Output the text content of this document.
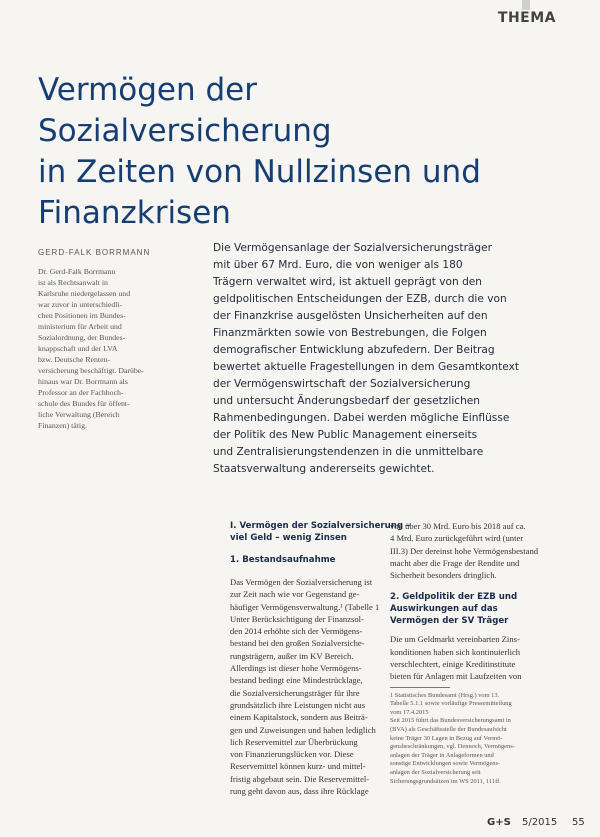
THEMA
Vermögen der Sozialversicherung
in Zeiten von Nullzinsen und
Finanzkrisen
GERD-FALK BORRMANN
Dr. Gerd-Falk Borrmann
ist als Rechtsanwalt in
Karlsruhe niedergelassen und
war zuvor in unterschiedli-
chen Positionen im Bundes-
ministerium für Arbeit und
Sozialordnung, der Bundes-
knappschaft und der LVA
bzw. Deutsche Renten-
versicherung beschäftigt. Darübe-
hinaus war Dr. Borrmann als
Professor an der Fachhoch-
schule des Bundes für öffent-
liche Verwaltung (Bereich
Finanzen) tätig.
Die Vermögensanlage der Sozialversicherungsträger
mit über 67 Mrd. Euro, die von weniger als 180
Trägern verwaltet wird, ist aktuell geprägt von den
geldpolitischen Entscheidungen der EZB, durch die von
der Finanzkrise ausgelösten Unsicherheiten auf den
Finanzmärkten sowie von Bestrebungen, die Folgen
demografischer Entwicklung abzufedern. Der Beitrag
bewertet aktuelle Fragestellungen in dem Gesamtkontext
der Vermögenswirtschaft der Sozialversicherung
und untersucht Änderungsbedarf der gesetzlichen
Rahmenbedingungen. Dabei werden mögliche Einflüsse
der Politik des New Public Management einerseits
und Zentralisierungstendenzen in die unmittelbare
Staatsverwaltung andererseits gewichtet.
I. Vermögen der Sozialversicherung –
viel Geld – wenig Zinsen
1. Bestandsaufnahme
Das Vermögen der Sozialversicherung ist
zur Zeit nach wie vor Gegenstand ge-
häufiger Vermögensverwaltung.¹ (Tabelle 1
Unter Berücksichtigung der Finanzsol-
den 2014 erhöhte sich der Vermögens-
bestand bei den großen Sozialversiche-
rungsträgern, außer im KV Bereich.
Allerdings ist dieser hohe Vermögens-
bestand bedingt eine Mindestrücklage,
die Sozialversicherungsträger für ihre
grundsätzlich ihre Leistungen nicht aus
einem Kapitalstock, sondern aus Beiträ-
gen und Zuweisungen und haben lediglich
lich Reservemittel zur Überbrückung
von Finanzierungslücken vor. Diese
Reservemittel können kurz- und mittel-
fristig abgebaut sein. Die Reservemittel-
rung geht davon aus, dass ihre Rücklage
von über 30 Mrd. Euro bis 2018 auf ca.
4 Mrd. Euro zurückgeführt wird (unter
III.3) Der dereinst hohe Vermögensbestand
macht aber die Frage der Rendite und
Sicherheit besonders dringlich.
2. Geldpolitik der EZB und
Auswirkungen auf das
Vermögen der SV Träger
Die um Geldmarkt vereinbarten Zins-
konditionen haben sich kontinuierlich
verschlechtert, einige Kreditinstitute
bieten für Anlagen mit Laufzeiten von
1 Statistisches Bundesamt (Hrsg.) vom 13.
Tabelle 5.1.1 sowie vorläufige Pressemitteilung
vom 17.4.2015
Seit 2015 führt das Bundesversicherungsamt in
(BVA) als Geschäftsstelle der Bundesaufsicht
keine Träger 30 Lagen in Bezug auf Vermö-
gensbeschränkungen, vgl. Dennoch, Vermögens-
anlagen der Träger in Anlageformen und
sonstige Entwicklungen sowie Vermögens-
anlagen der Sozialversicherung seit
Sicherungsgrundsätzen im WS 2011, 111ff.
G+S 5/2015 55
